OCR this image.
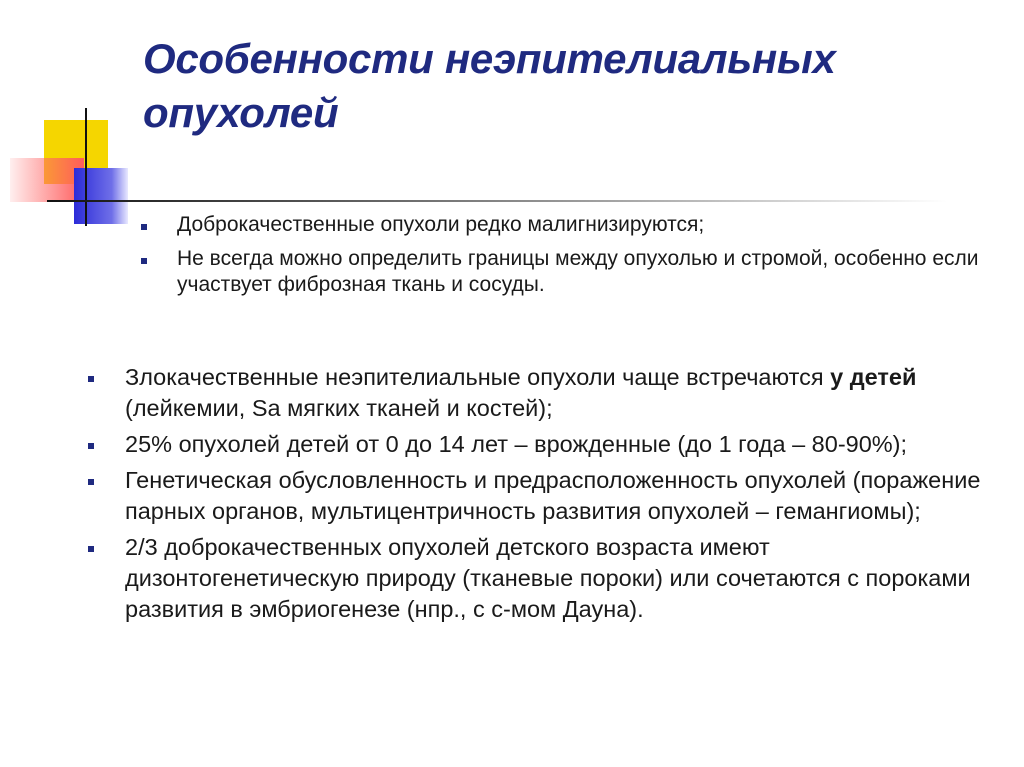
Особенности неэпителиальных
опухолей
Доброкачественные опухоли редко малигнизируются;
Не всегда можно определить границы между опухолью и стромой, особенно если участвует фиброзная ткань и сосуды.
Злокачественные неэпителиальные опухоли чаще встречаются у детей (лейкемии, Sa мягких тканей и костей);
25% опухолей детей от 0 до 14 лет – врожденные (до 1 года – 80-90%);
Генетическая обусловленность и предрасположенность опухолей (поражение парных органов, мультицентричность развития опухолей – гемангиомы);
2/3 доброкачественных опухолей детского возраста имеют дизонтогенетическую природу (тканевые пороки) или сочетаются с пороками развития в эмбриогенезе (нпр., с с-мом Дауна).
